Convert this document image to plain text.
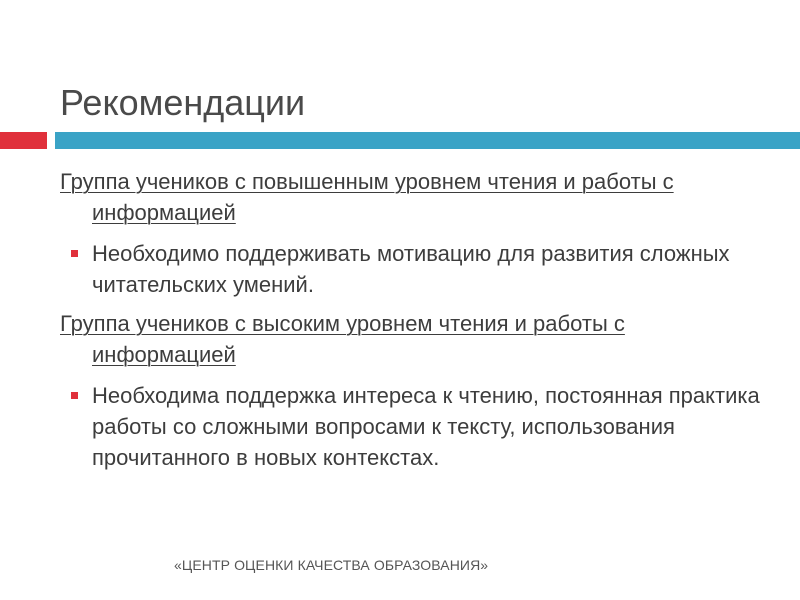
Рекомендации

Группа учеников с повышенным уровнем чтения и работы с информацией

Необходимо поддерживать мотивацию для развития сложных читательских умений.

Группа учеников с высоким уровнем чтения и работы с информацией

Необходима поддержка интереса к чтению, постоянная практика работы со сложными вопросами к тексту, использования прочитанного в новых контекстах.
«ЦЕНТР ОЦЕНКИ КАЧЕСТВА ОБРАЗОВАНИЯ»
